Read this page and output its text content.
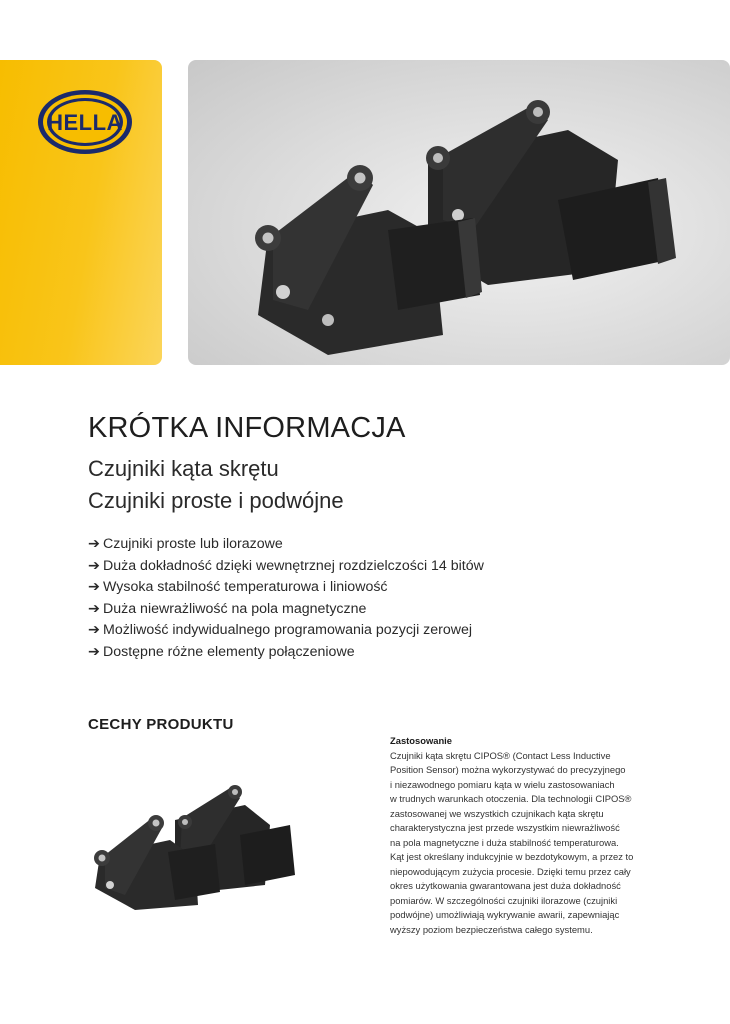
HELLA
KRÓTKA INFORMACJA

Czujniki kąta skrętu

Czujniki proste i podwójne

➔ Czujniki proste lub ilorazowe
➔ Duża dokładność dzięki wewnętrznej rozdzielczości 14 bitów
➔ Wysoka stabilność temperaturowa i liniowość
➔ Duża niewrażliwość na pola magnetyczne
➔ Możliwość indywidualnego programowania pozycji zerowej
➔ Dostępne różne elementy połączeniowe
CECHY PRODUKTU

Zastosowanie

Czujniki kąta skrętu CIPOS® (Contact Less Inductive
Position Sensor) można wykorzystywać do precyzyjnego
i niezawodnego pomiaru kąta w wielu zastosowaniach
w trudnych warunkach otoczenia. Dla technologii CIPOS®
zastosowanej we wszystkich czujnikach kąta skrętu
charakterystyczna jest przede wszystkim niewrażliwość
na pola magnetyczne i duża stabilność temperaturowa.
Kąt jest określany indukcyjnie w bezdotykowym, a przez to
niepowodującym zużycia procesie. Dzięki temu przez cały
okres użytkowania gwarantowana jest duża dokładność
pomiarów. W szczególności czujniki ilorazowe (czujniki
podwójne) umożliwiają wykrywanie awarii, zapewniając
wyższy poziom bezpieczeństwa całego systemu.
